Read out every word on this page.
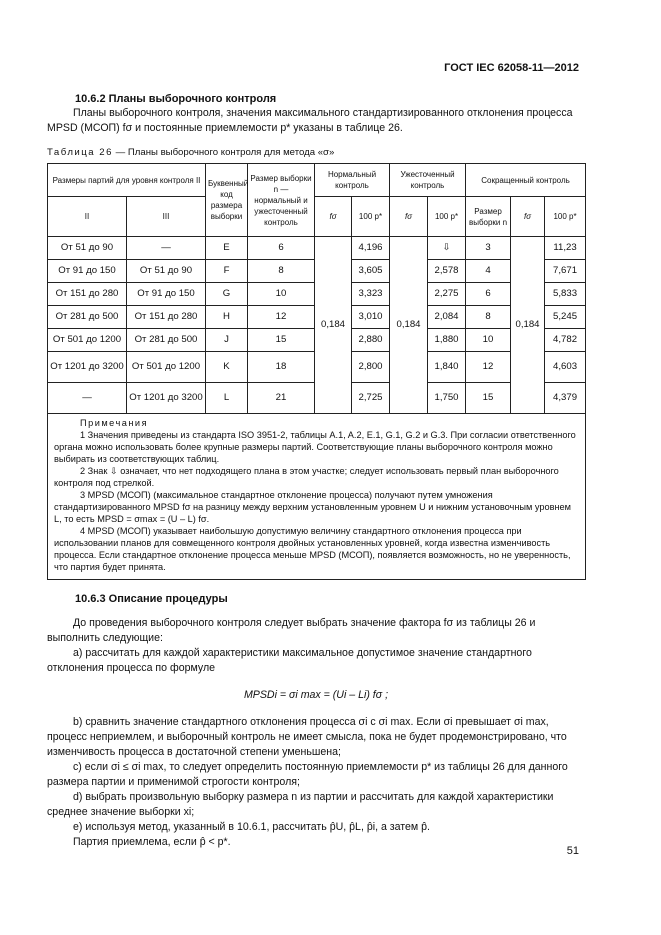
ГОСТ IEC 62058-11—2012
10.6.2 Планы выборочного контроля
Планы выборочного контроля, значения максимального стандартизированного отклонения процесса MPSD (МСОП) fσ и постоянные приемлемости p* указаны в таблице 26.
Таблица 26 — Планы выборочного контроля для метода «σ»
Размеры партий для уровня контроля II		Буквенный код размера выборки	Размер выборки n — нормальный и ужесточенный контроль	Нормальный контроль		Ужесточенный контроль		Сокращенный контроль		
II	III			fσ	100 p*	fσ	100 p*	Размер выборки n	fσ	100 p*
От 51 до 90	—	E	6	0,184	4,196	0,184	⇩	3	0,184	11,23
От 91 до 150	От 51 до 90	F	8		3,605		2,578	4		7,671
От 151 до 280	От 91 до 150	G	10		3,323		2,275	6		5,833
От 281 до 500	От 151 до 280	H	12		3,010		2,084	8		5,245
От 501 до 1200	От 281 до 500	J	15		2,880		1,880	10		4,782
От 1201 до 3200	От 501 до 1200	K	18		2,800		1,840	12		4,603
—	От 1201 до 3200	L	21		2,725		1,750	15		4,379

Примечания
1 Значения приведены из стандарта ISO 3951-2, таблицы A.1, A.2, E.1, G.1, G.2 и G.3. При согласии ответственного органа можно использовать более крупные размеры партий. Соответствующие планы выборочного контроля можно выбирать из соответствующих таблиц.
2 Знак ⇩ означает, что нет подходящего плана в этом участке; следует использовать первый план выборочного контроля под стрелкой.
3 MPSD (МСОП) (максимальное стандартное отклонение процесса) получают путем умножения стандартизированного MPSD fσ на разницу между верхним установленным уровнем U и нижним установочным уровнем L, то есть MPSD = σmax = (U – L) fσ.
4 MPSD (МСОП) указывает наибольшую допустимую величину стандартного отклонения процесса при использовании планов для совмещенного контроля двойных установленных уровней, когда известна изменчивость процесса. Если стандартное отклонение процесса меньше MPSD (МСОП), появляется возможность, но не уверенность, что партия будет принята.										
10.6.3 Описание процедуры
До проведения выборочного контроля следует выбрать значение фактора fσ из таблицы 26 и выполнить следующие:
а) рассчитать для каждой характеристики максимальное допустимое значение стандартного отклонения процесса по формуле
MPSDi = σi max = (Ui – Li) fσ ;
b) сравнить значение стандартного отклонения процесса σi с σi max. Если σi превышает σi max, процесс неприемлем, и выборочный контроль не имеет смысла, пока не будет продемонстрировано, что изменчивость процесса в достаточной степени уменьшена;
c) если σi ≤ σi max, то следует определить постоянную приемлемости p* из таблицы 26 для данного размера партии и применимой строгости контроля;
d) выбрать произвольную выборку размера n из партии и рассчитать для каждой характеристики среднее значение выборки xi;
е) используя метод, указанный в 10.6.1, рассчитать p̂U, p̂L, p̂i, а затем p̂.
Партия приемлема, если p̂ < p*.
51
